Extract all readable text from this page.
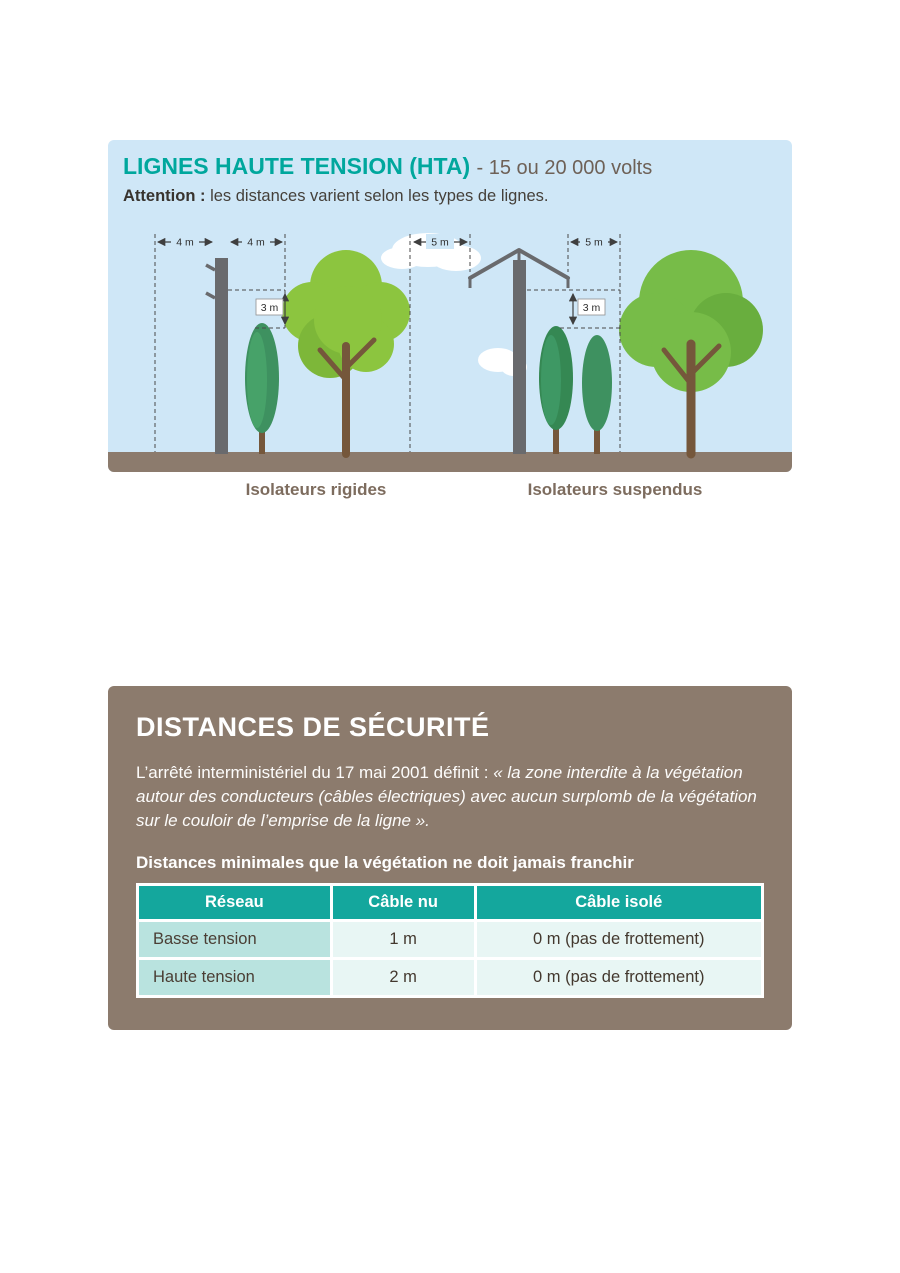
LIGNES HAUTE TENSION (HTA) - 15 ou 20 000 volts

Attention : les distances varient selon les types de lignes.

4 m	4 m	5 m	5 m
3 m	3 m
Isolateurs rigides	Isolateurs suspendus
DISTANCES DE SÉCURITÉ

L’arrêté interministériel du 17 mai 2001 définit : « la zone interdite à la végétation autour des conducteurs (câbles électriques) avec aucun surplomb de la végétation sur le couloir de l’emprise de la ligne ».

Distances minimales que la végétation ne doit jamais franchir

Réseau	Câble nu	Câble isolé
Basse tension	1 m	0 m (pas de frottement)
Haute tension	2 m	0 m (pas de frottement)
